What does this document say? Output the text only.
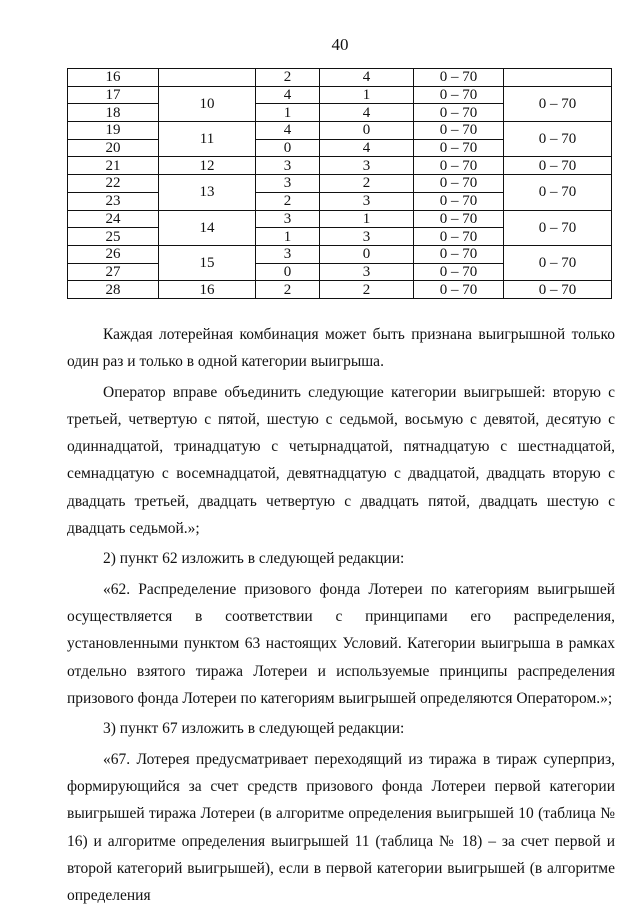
40
16		2	4	0 – 70	
17	10	4	1	0 – 70	0 – 70
18		1	4	0 – 70	
19	11	4	0	0 – 70	0 – 70
20		0	4	0 – 70	
21	12	3	3	0 – 70	0 – 70
22	13	3	2	0 – 70	0 – 70
23		2	3	0 – 70	
24	14	3	1	0 – 70	0 – 70
25		1	3	0 – 70	
26	15	3	0	0 – 70	0 – 70
27		0	3	0 – 70	
28	16	2	2	0 – 70	0 – 70

Каждая лотерейная комбинация может быть признана выигрышной только один раз и только в одной категории выигрыша.

Оператор вправе объединить следующие категории выигрышей: вторую с третьей, четвертую с пятой, шестую с седьмой, восьмую с девятой, десятую с одиннадцатой, тринадцатую с четырнадцатой, пятнадцатую с шестнадцатой, семнадцатую с восемнадцатой, девятнадцатую с двадцатой, двадцать вторую с двадцать третьей, двадцать четвертую с двадцать пятой, двадцать шестую с двадцать седьмой.»;

2) пункт 62 изложить в следующей редакции:

«62. Распределение призового фонда Лотереи по категориям выигрышей осуществляется в соответствии с принципами его распределения, установленными пунктом 63 настоящих Условий. Категории выигрыша в рамках отдельно взятого тиража Лотереи и используемые принципы распределения призового фонда Лотереи по категориям выигрышей определяются Оператором.»;

3) пункт 67 изложить в следующей редакции:

«67. Лотерея предусматривает переходящий из тиража в тираж суперприз, формирующийся за счет средств призового фонда Лотереи первой категории выигрышей тиража Лотереи (в алгоритме определения выигрышей 10 (таблица № 16) и алгоритме определения выигрышей 11 (таблица № 18) – за счет первой и второй категорий выигрышей), если в первой категории выигрышей (в алгоритме определения
